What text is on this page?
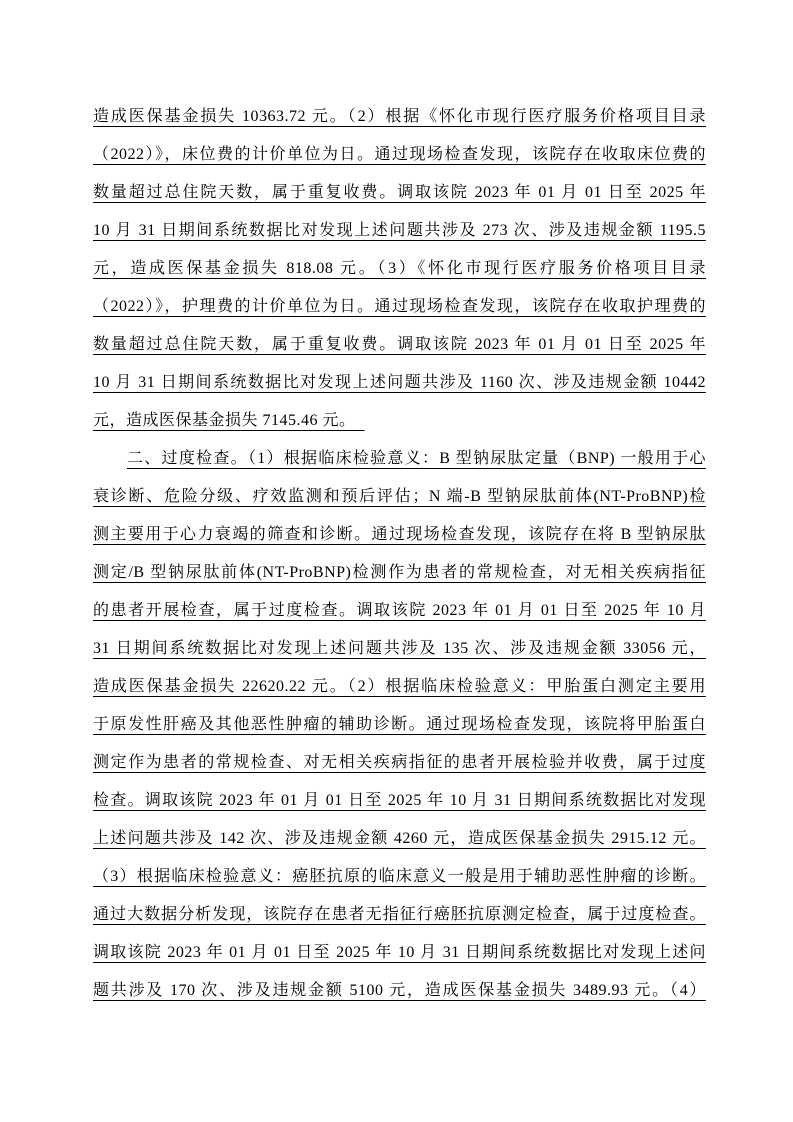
造成医保基金损失 10363.72 元。（2）根据《怀化市现行医疗服务价格项目目录
（2022）》，床位费的计价单位为日。通过现场检查发现，该院存在收取床位费的
数量超过总住院天数，属于重复收费。调取该院 2023 年 01 月 01 日至 2025 年
10 月 31 日期间系统数据比对发现上述问题共涉及 273 次、涉及违规金额 1195.5
元，造成医保基金损失 818.08 元。（3）《怀化市现行医疗服务价格项目目录
（2022）》，护理费的计价单位为日。通过现场检查发现，该院存在收取护理费的
数量超过总住院天数，属于重复收费。调取该院 2023 年 01 月 01 日至 2025 年
10 月 31 日期间系统数据比对发现上述问题共涉及 1160 次、涉及违规金额 10442
元，造成医保基金损失 7145.46 元。
二、过度检查。（1）根据临床检验意义：B 型钠尿肽定量（BNP) 一般用于心
衰诊断、危险分级、疗效监测和预后评估；N 端-B 型钠尿肽前体(NT-ProBNP)检
测主要用于心力衰竭的筛查和诊断。通过现场检查发现，该院存在将 B 型钠尿肽
测定/B 型钠尿肽前体(NT-ProBNP)检测作为患者的常规检查，对无相关疾病指征
的患者开展检查，属于过度检查。调取该院 2023 年 01 月 01 日至 2025 年 10 月
31 日期间系统数据比对发现上述问题共涉及 135 次、涉及违规金额 33056 元，
造成医保基金损失 22620.22 元。（2）根据临床检验意义：甲胎蛋白测定主要用
于原发性肝癌及其他恶性肿瘤的辅助诊断。通过现场检查发现，该院将甲胎蛋白
测定作为患者的常规检查、对无相关疾病指征的患者开展检验并收费，属于过度
检查。调取该院 2023 年 01 月 01 日至 2025 年 10 月 31 日期间系统数据比对发现
上述问题共涉及 142 次、涉及违规金额 4260 元，造成医保基金损失 2915.12 元。
（3）根据临床检验意义：癌胚抗原的临床意义一般是用于辅助恶性肿瘤的诊断。
通过大数据分析发现，该院存在患者无指征行癌胚抗原测定检查，属于过度检查。
调取该院 2023 年 01 月 01 日至 2025 年 10 月 31 日期间系统数据比对发现上述问
题共涉及 170 次、涉及违规金额 5100 元，造成医保基金损失 3489.93 元。（4）
